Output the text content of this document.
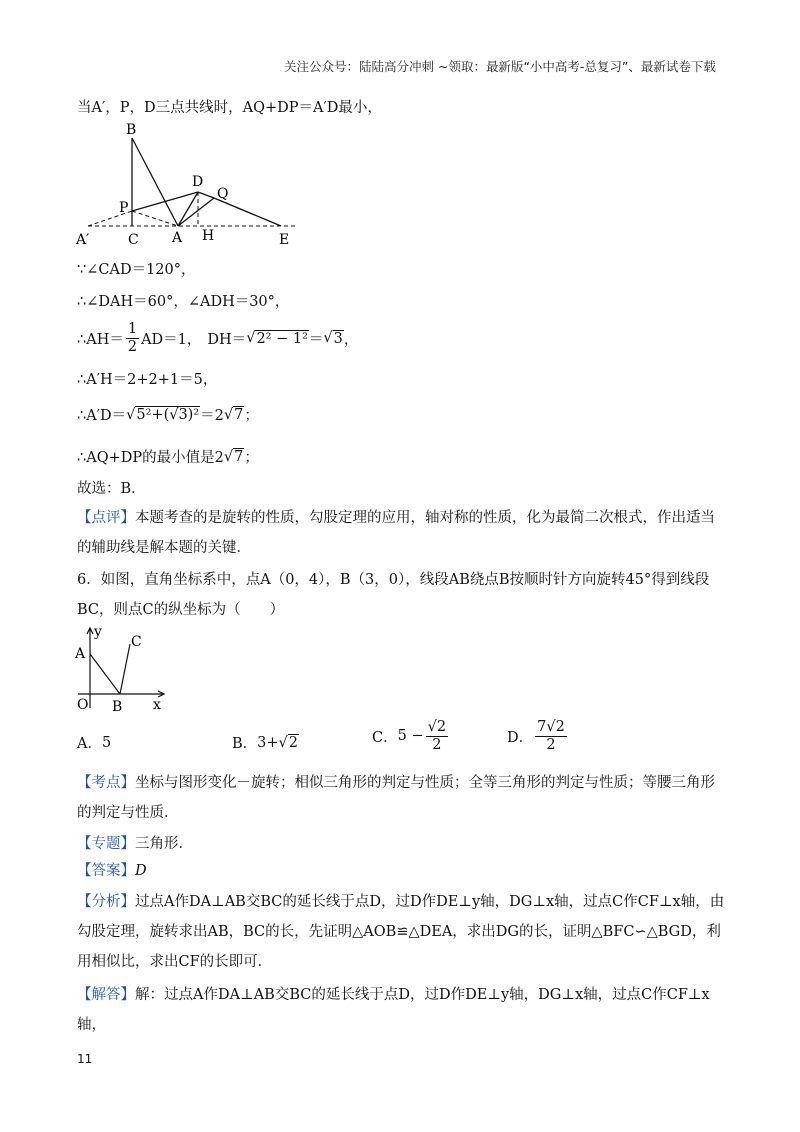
关注公众号：陆陆高分冲刺 ~领取：最新版“小中高考-总复习”、最新试卷下载
当A′，P，D三点共线时，AQ+DP＝A′D最小，
B
D
Q
P
A′	C A H	E
∵∠CAD＝120°，
∴∠DAH＝60°，∠ADH＝30°，
∴AH＝ $\frac{1}{2} AD=1$， DH＝ √ 2² − 1² ＝ √ 3 ，
∴A′H＝2+2+1＝5，
∴A′D＝ √ 5²+(√3)² ＝2 √ 7 ；
∴AQ+DP的最小值是2 √ 7 ；
故选：B．
【点评】本题考查的是旋转的性质，勾股定理的应用，轴对称的性质，化为最简二次根式，作出适当的辅助线是解本题的关键．
6．如图，直角坐标系中，点A（0，4），B（3，0），线段AB绕点B按顺时针方向旋转45°得到线段BC，则点C的纵坐标为（　　）
y
C
A
O B x
A． 5	B． 3+ √ 2	C． $5 - \frac{√2}{2}$	D． $\frac{7√2}{2}$
【考点】坐标与图形变化－旋转；相似三角形的判定与性质；全等三角形的判定与性质；等腰三角形的判定与性质．
【专题】三角形．
【答案】D
【分析】过点A作DA⊥AB交BC的延长线于点D，过D作DE⊥y轴，DG⊥x轴，过点C作CF⊥x轴，由勾股定理，旋转求出AB，BC的长，先证明△AOB≌△DEA，求出DG的长，证明△BFC∽△BGD，利用相似比，求出CF的长即可．
【解答】解：过点A作DA⊥AB交BC的延长线于点D，过D作DE⊥y轴，DG⊥x轴，过点C作CF⊥x轴，
11
